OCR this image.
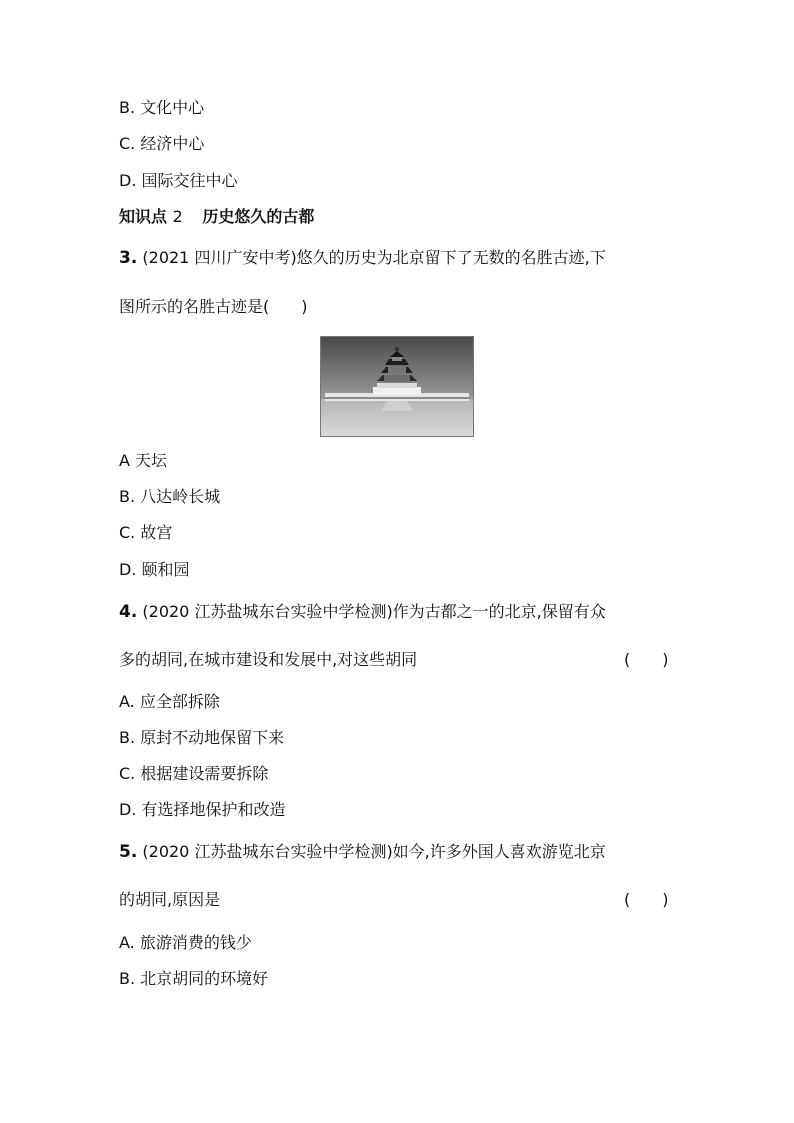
B. 文化中心
C. 经济中心
D. 国际交往中心
知识点 2 历史悠久的古都
3. (2021 四川广安中考)悠久的历史为北京留下了无数的名胜古迹,下
图所示的名胜古迹是(　　)
A 天坛
B. 八达岭长城
C. 故宫
D. 颐和园
4. (2020 江苏盐城东台实验中学检测)作为古都之一的北京,保留有众
多的胡同,在城市建设和发展中,对这些胡同	(　　)
A. 应全部拆除
B. 原封不动地保留下来
C. 根据建设需要拆除
D. 有选择地保护和改造
5. (2020 江苏盐城东台实验中学检测)如今,许多外国人喜欢游览北京
的胡同,原因是	(　　)
A. 旅游消费的钱少
B. 北京胡同的环境好
